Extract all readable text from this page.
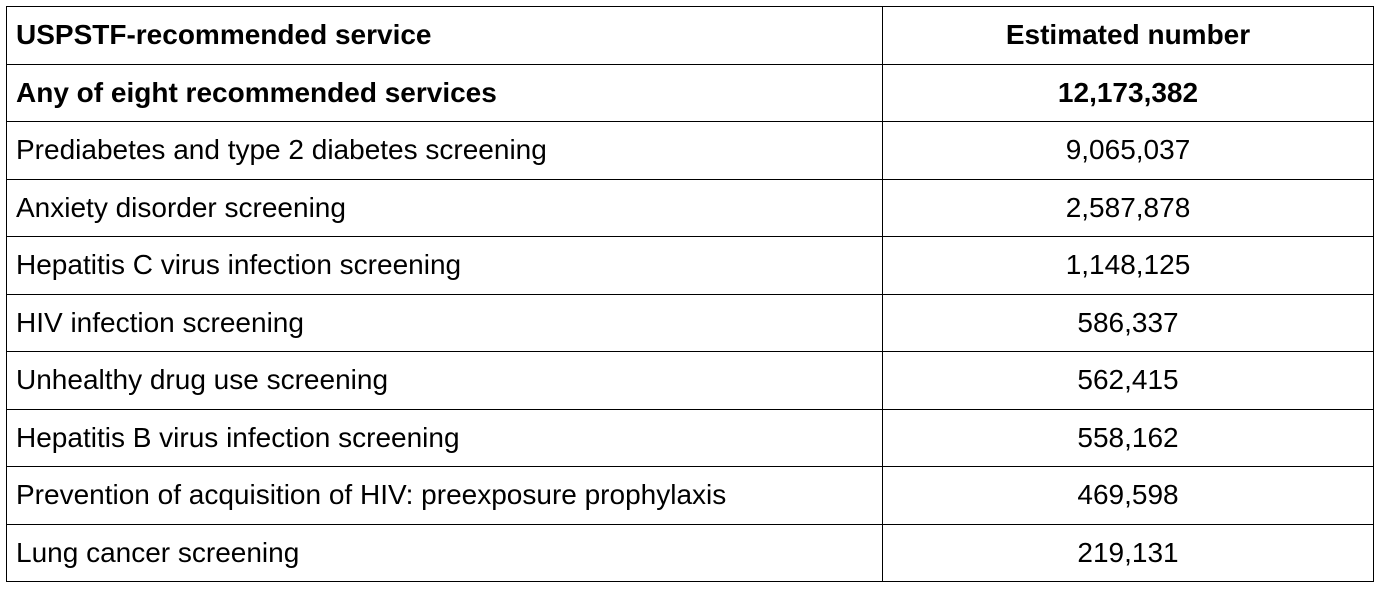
USPSTF-recommended service	Estimated number
Any of eight recommended services	12,173,382
Prediabetes and type 2 diabetes screening	9,065,037
Anxiety disorder screening	2,587,878
Hepatitis C virus infection screening	1,148,125
HIV infection screening	586,337
Unhealthy drug use screening	562,415
Hepatitis B virus infection screening	558,162
Prevention of acquisition of HIV: preexposure prophylaxis	469,598
Lung cancer screening	219,131
